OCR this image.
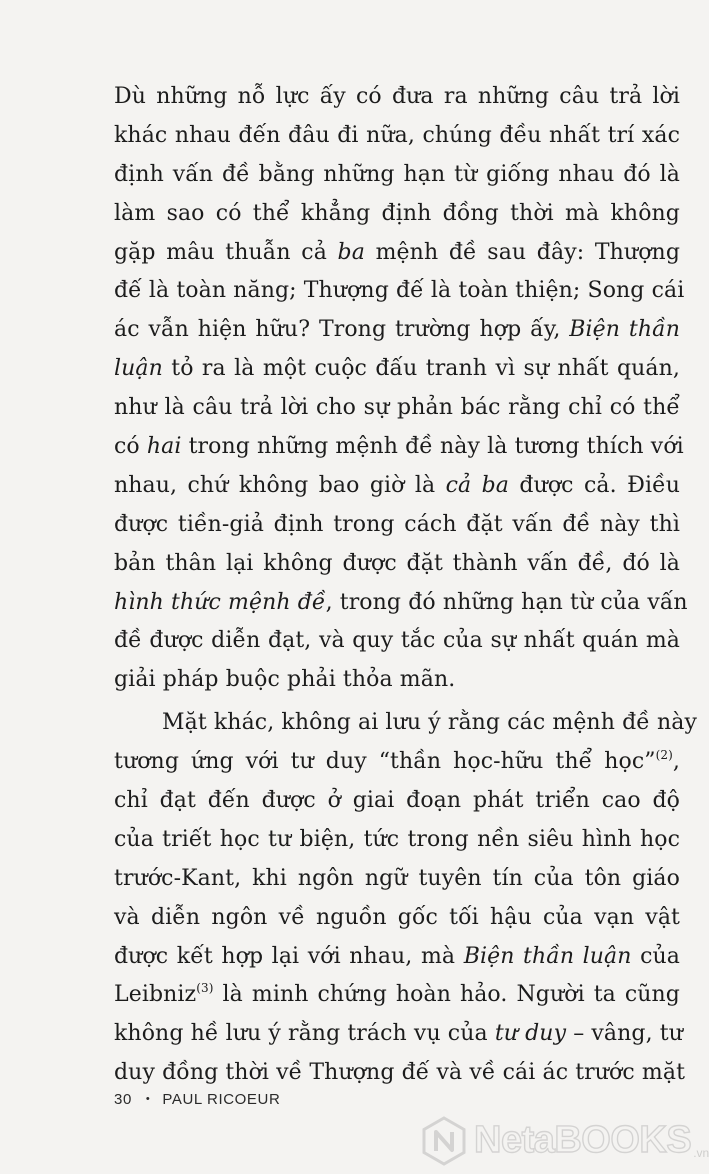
Dù những nỗ lực ấy có đưa ra những câu trả lời
khác nhau đến đâu đi nữa, chúng đều nhất trí xác
định vấn đề bằng những hạn từ giống nhau đó là
làm sao có thể khẳng định đồng thời mà không
gặp mâu thuẫn cả ba mệnh đề sau đây: Thượng
đế là toàn năng; Thượng đế là toàn thiện; Song cái
ác vẫn hiện hữu? Trong trường hợp ấy, Biện thần
luận tỏ ra là một cuộc đấu tranh vì sự nhất quán,
như là câu trả lời cho sự phản bác rằng chỉ có thể
có hai trong những mệnh đề này là tương thích với
nhau, chứ không bao giờ là cả ba được cả. Điều
được tiền-giả định trong cách đặt vấn đề này thì
bản thân lại không được đặt thành vấn đề, đó là
hình thức mệnh đề, trong đó những hạn từ của vấn
đề được diễn đạt, và quy tắc của sự nhất quán mà
giải pháp buộc phải thỏa mãn.
Mặt khác, không ai lưu ý rằng các mệnh đề này
tương ứng với tư duy “thần học-hữu thể học”$^{(2)}$,
chỉ đạt đến được ở giai đoạn phát triển cao độ
của triết học tư biện, tức trong nền siêu hình học
trước-Kant, khi ngôn ngữ tuyên tín của tôn giáo
và diễn ngôn về nguồn gốc tối hậu của vạn vật
được kết hợp lại với nhau, mà Biện thần luận của
Leibniz$^{(3)}$ là minh chứng hoàn hảo. Người ta cũng
không hề lưu ý rằng trách vụ của tư duy – vâng, tư
duy đồng thời về Thượng đế và về cái ác trước mặt
30 • PAUL RICOEUR
NetaBOOKS .vn
